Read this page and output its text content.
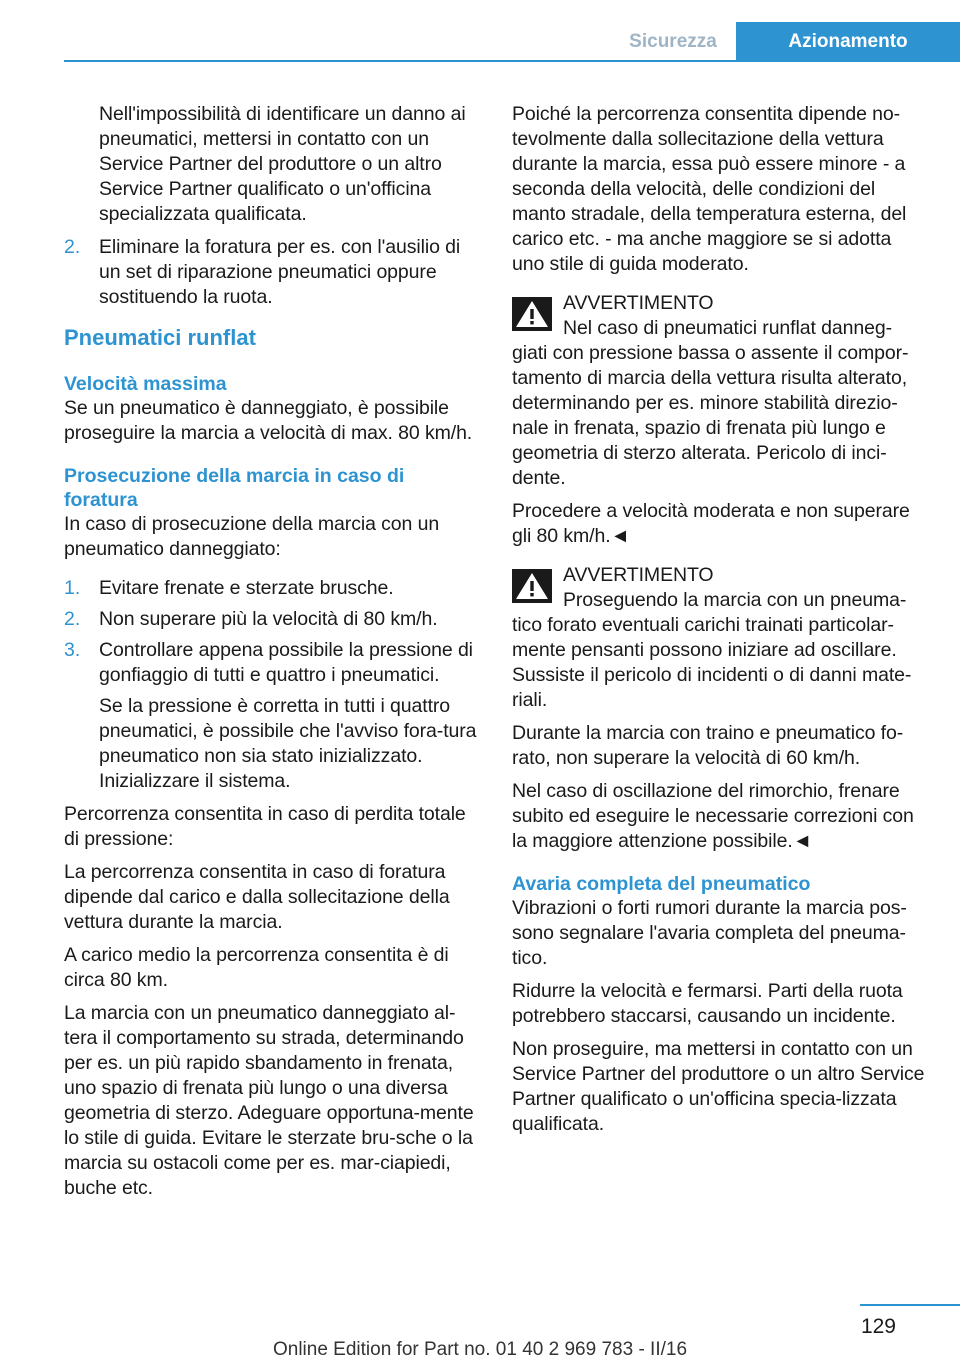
Sicurezza	Azionamento

Nell'impossibilità di identificare un danno ai pneumatici, mettersi in contatto con un Service Partner del produttore o un altro Service Partner qualificato o un'officina specializzata qualificata.

2. Eliminare la foratura per es. con l'ausilio di un set di riparazione pneumatici oppure sostituendo la ruota.

Pneumatici runflat
Velocità massima

Se un pneumatico è danneggiato, è possibile proseguire la marcia a velocità di max. 80 km/h.

Prosecuzione della marcia in caso di foratura

In caso di prosecuzione della marcia con un pneumatico danneggiato:

1. Evitare frenate e sterzate brusche.

2. Non superare più la velocità di 80 km/h.

3. Controllare appena possibile la pressione di gonfiaggio di tutti e quattro i pneumatici.

Se la pressione è corretta in tutti i quattro pneumatici, è possibile che l'avviso fora-tura pneumatico non sia stato inizializzato. Inizializzare il sistema.

Percorrenza consentita in caso di perdita totale di pressione:

La percorrenza consentita in caso di foratura dipende dal carico e dalla sollecitazione della vettura durante la marcia.

A carico medio la percorrenza consentita è di circa 80 km.

La marcia con un pneumatico danneggiato al-tera il comportamento su strada, determinando per es. un più rapido sbandamento in frenata, uno spazio di frenata più lungo o una diversa geometria di sterzo. Adeguare opportuna-mente lo stile di guida. Evitare le sterzate bru-sche o la marcia su ostacoli come per es. mar-ciapiedi, buche etc.

Poiché la percorrenza consentita dipende no-tevolmente dalla sollecitazione della vettura durante la marcia, essa può essere minore - a seconda della velocità, delle condizioni del manto stradale, della temperatura esterna, del carico etc. - ma anche maggiore se si adotta uno stile di guida moderato.

AVVERTIMENTO

Nel caso di pneumatici runflat danneg-

giati con pressione bassa o assente il compor-tamento di marcia della vettura risulta alterato, determinando per es. minore stabilità direzio-nale in frenata, spazio di frenata più lungo e geometria di sterzo alterata. Pericolo di inci-dente.

Procedere a velocità moderata e non superare gli 80 km/h.◄

AVVERTIMENTO

Proseguendo la marcia con un pneuma-

tico forato eventuali carichi trainati particolar-mente pensanti possono iniziare ad oscillare. Sussiste il pericolo di incidenti o di danni mate-riali.

Durante la marcia con traino e pneumatico fo-rato, non superare la velocità di 60 km/h.

Nel caso di oscillazione del rimorchio, frenare subito ed eseguire le necessarie correzioni con la maggiore attenzione possibile.◄

Avaria completa del pneumatico

Vibrazioni o forti rumori durante la marcia pos-sono segnalare l'avaria completa del pneuma-tico.

Ridurre la velocità e fermarsi. Parti della ruota potrebbero staccarsi, causando un incidente.

Non proseguire, ma mettersi in contatto con un Service Partner del produttore o un altro Service Partner qualificato o un'officina specia-lizzata qualificata.

129
Online Edition for Part no. 01 40 2 969 783 - II/16
